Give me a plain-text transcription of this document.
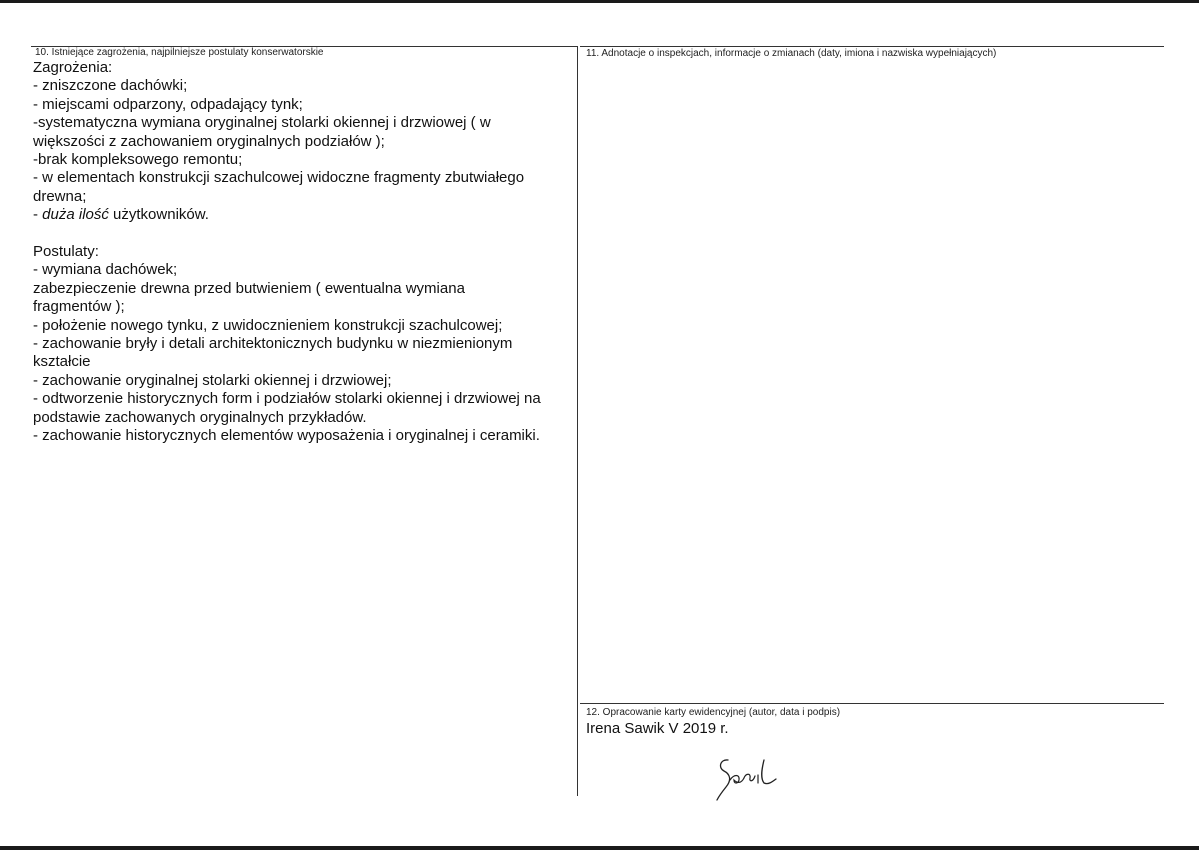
10. Istniejące zagrożenia, najpilniejsze postulaty konserwatorskie
Zagrożenia:
- zniszczone dachówki;
- miejscami odparzony, odpadający tynk;
-systematyczna wymiana oryginalnej stolarki okiennej i drzwiowej ( w
większości z zachowaniem oryginalnych podziałów );
-brak kompleksowego remontu;
- w elementach konstrukcji szachulcowej widoczne fragmenty zbutwiałego
drewna;
- duża ilość użytkowników.
Postulaty:
- wymiana dachówek;
zabezpieczenie drewna przed butwieniem ( ewentualna wymiana
fragmentów );
- położenie nowego tynku, z uwidocznieniem konstrukcji szachulcowej;
- zachowanie bryły i detali architektonicznych budynku w niezmienionym
kształcie
- zachowanie oryginalnej stolarki okiennej i drzwiowej;
- odtworzenie historycznych form i podziałów stolarki okiennej i drzwiowej na
podstawie zachowanych oryginalnych przykładów.
- zachowanie historycznych elementów wyposażenia i oryginalnej i ceramiki.
11. Adnotacje o inspekcjach, informacje o zmianach (daty, imiona i nazwiska wypełniających)
12. Opracowanie karty ewidencyjnej (autor, data i podpis)
Irena Sawik V 2019 r.
